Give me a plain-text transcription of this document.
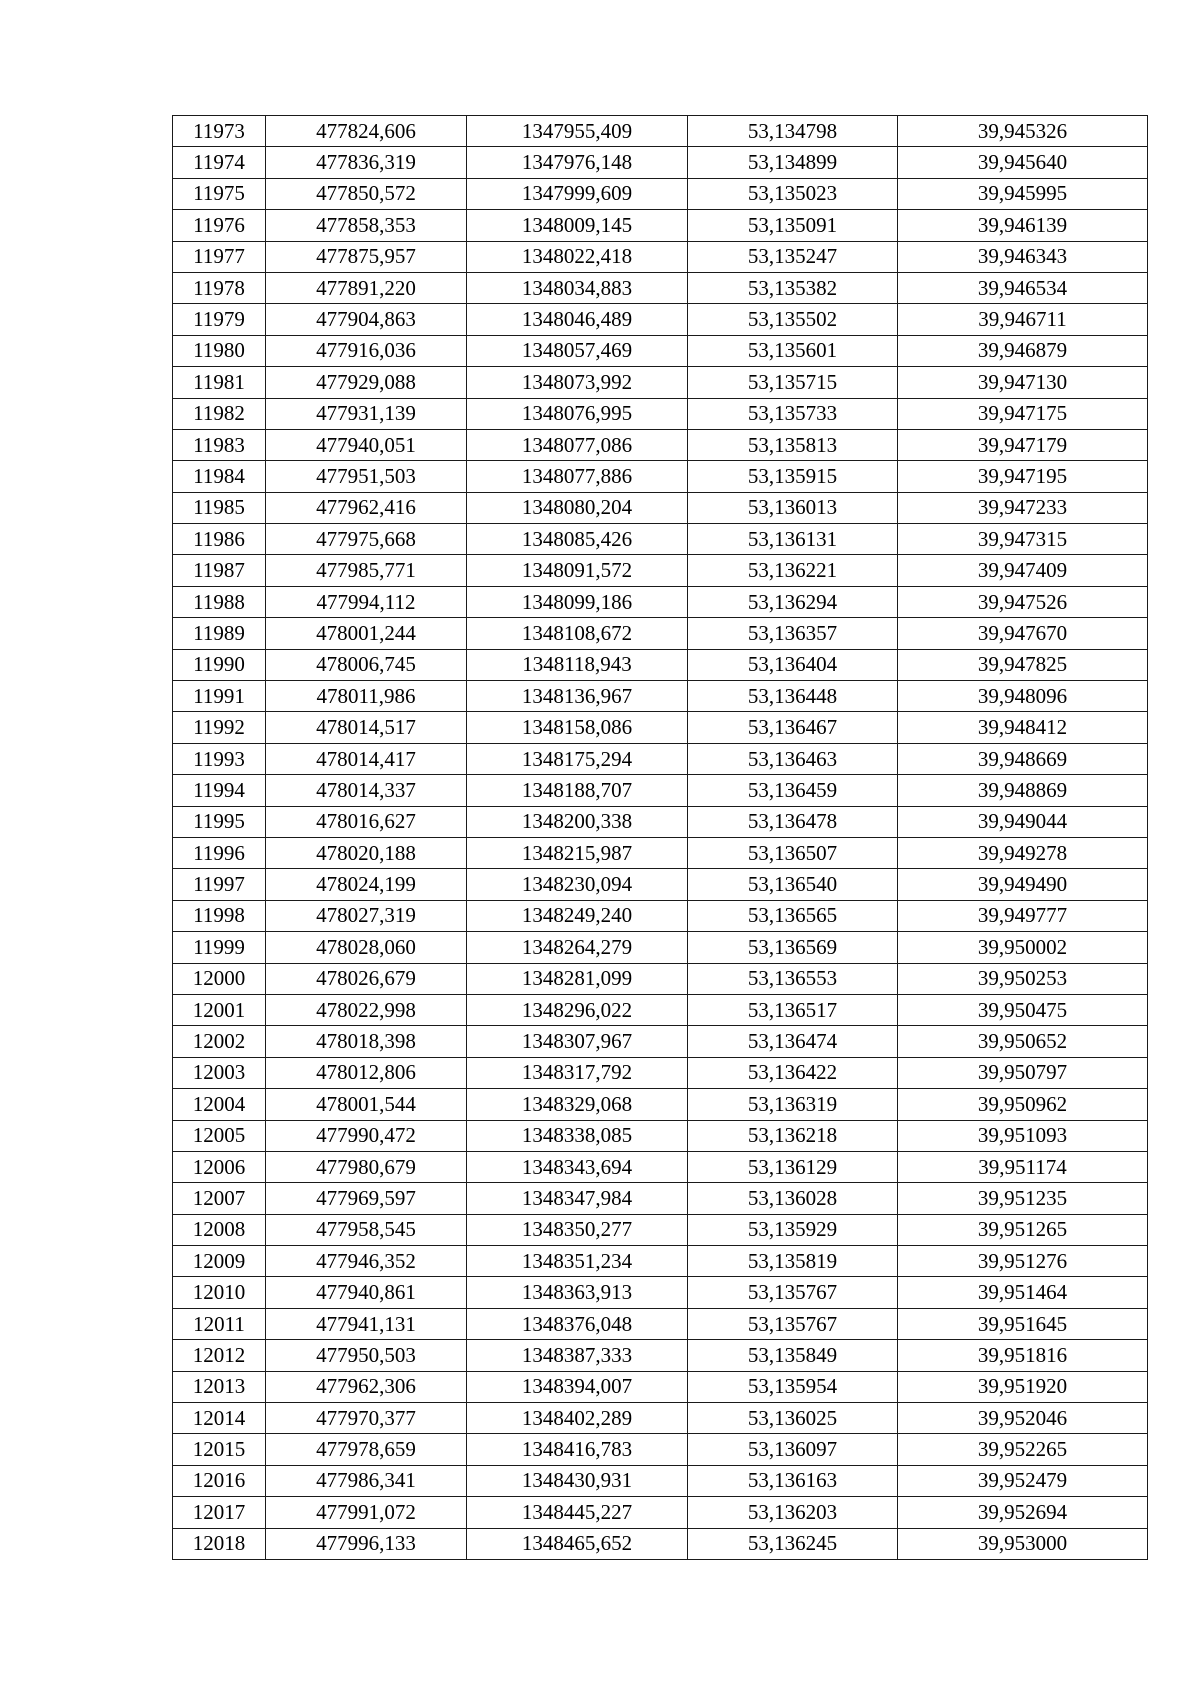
11973	477824,606	1347955,409	53,134798	39,945326
11974	477836,319	1347976,148	53,134899	39,945640
11975	477850,572	1347999,609	53,135023	39,945995
11976	477858,353	1348009,145	53,135091	39,946139
11977	477875,957	1348022,418	53,135247	39,946343
11978	477891,220	1348034,883	53,135382	39,946534
11979	477904,863	1348046,489	53,135502	39,946711
11980	477916,036	1348057,469	53,135601	39,946879
11981	477929,088	1348073,992	53,135715	39,947130
11982	477931,139	1348076,995	53,135733	39,947175
11983	477940,051	1348077,086	53,135813	39,947179
11984	477951,503	1348077,886	53,135915	39,947195
11985	477962,416	1348080,204	53,136013	39,947233
11986	477975,668	1348085,426	53,136131	39,947315
11987	477985,771	1348091,572	53,136221	39,947409
11988	477994,112	1348099,186	53,136294	39,947526
11989	478001,244	1348108,672	53,136357	39,947670
11990	478006,745	1348118,943	53,136404	39,947825
11991	478011,986	1348136,967	53,136448	39,948096
11992	478014,517	1348158,086	53,136467	39,948412
11993	478014,417	1348175,294	53,136463	39,948669
11994	478014,337	1348188,707	53,136459	39,948869
11995	478016,627	1348200,338	53,136478	39,949044
11996	478020,188	1348215,987	53,136507	39,949278
11997	478024,199	1348230,094	53,136540	39,949490
11998	478027,319	1348249,240	53,136565	39,949777
11999	478028,060	1348264,279	53,136569	39,950002
12000	478026,679	1348281,099	53,136553	39,950253
12001	478022,998	1348296,022	53,136517	39,950475
12002	478018,398	1348307,967	53,136474	39,950652
12003	478012,806	1348317,792	53,136422	39,950797
12004	478001,544	1348329,068	53,136319	39,950962
12005	477990,472	1348338,085	53,136218	39,951093
12006	477980,679	1348343,694	53,136129	39,951174
12007	477969,597	1348347,984	53,136028	39,951235
12008	477958,545	1348350,277	53,135929	39,951265
12009	477946,352	1348351,234	53,135819	39,951276
12010	477940,861	1348363,913	53,135767	39,951464
12011	477941,131	1348376,048	53,135767	39,951645
12012	477950,503	1348387,333	53,135849	39,951816
12013	477962,306	1348394,007	53,135954	39,951920
12014	477970,377	1348402,289	53,136025	39,952046
12015	477978,659	1348416,783	53,136097	39,952265
12016	477986,341	1348430,931	53,136163	39,952479
12017	477991,072	1348445,227	53,136203	39,952694
12018	477996,133	1348465,652	53,136245	39,953000
